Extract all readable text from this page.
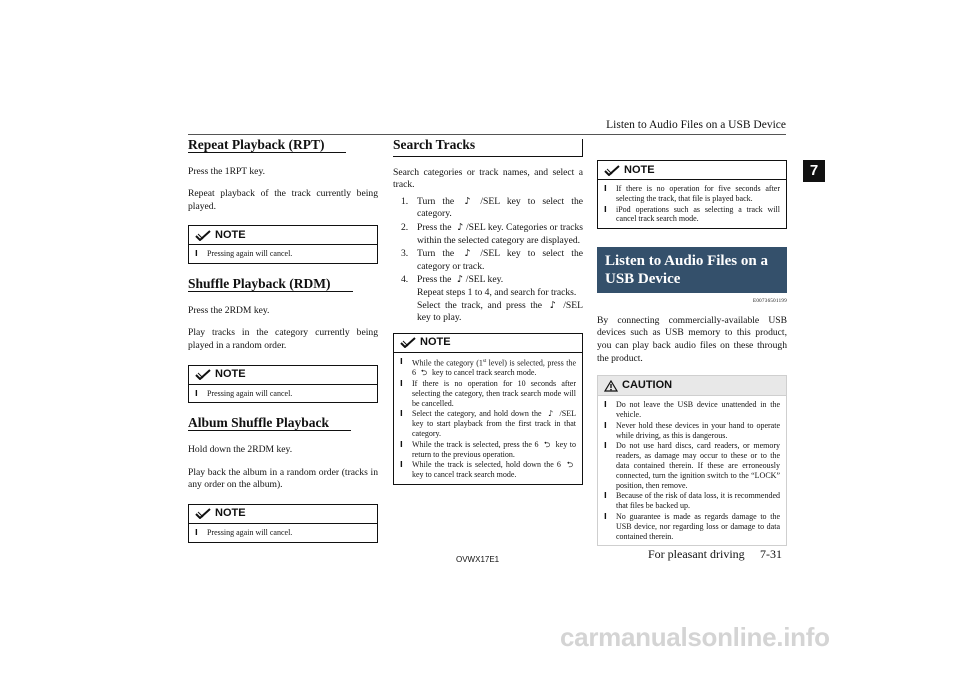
Listen to Audio Files on a USB Device
7
Repeat Playback (RPT)

Press the 1RPT key.

Repeat playback of the track currently being played.

NOTE
l Pressing again will cancel.
Shuffle Playback (RDM)

Press the 2RDM key.

Play tracks in the category currently being played in a random order.

NOTE
l Pressing again will cancel.
Album Shuffle Playback

Hold down the 2RDM key.

Play back the album in a random order (tracks in any order on the album).

NOTE
l Pressing again will cancel.
Search Tracks

Search categories or track names, and select a track.

1. Turn the ♪ /SEL key to select the category.
2. Press the ♪ /SEL key. Categories or tracks within the selected category are displayed.
3. Turn the ♪ /SEL key to select the category or track.
4. Press the ♪ /SEL key.
Repeat steps 1 to 4, and search for tracks.
Select the track, and press the ♪ /SEL key to play.
NOTE
l While the category (1st level) is selected, press the 6 ⮌ key to cancel track search mode.
l If there is no operation for 10 seconds after selecting the category, then track search mode will be cancelled.
l Select the category, and hold down the ♪ /SEL key to start playback from the first track in that category.
l While the track is selected, press the 6 ⮌ key to return to the previous operation.
l While the track is selected, hold down the 6 ⮌ key to cancel track search mode.
NOTE
l If there is no operation for five seconds after selecting the track, that file is played back.
l iPod operations such as selecting a track will cancel track search mode.
Listen to Audio Files on a USB Device
E00736501199

By connecting commercially-available USB devices such as USB memory to this product, you can play back audio files on these through the product.

CAUTION
l Do not leave the USB device unattended in the vehicle.
l Never hold these devices in your hand to operate while driving, as this is dangerous.
l Do not use hard discs, card readers, or memory readers, as damage may occur to these or to the data contained therein. If these are erroneously connected, turn the ignition switch to the “LOCK” position, then remove.
l Because of the risk of data loss, it is recommended that files be backed up.
l No guarantee is made as regards damage to the USB device, nor regarding loss or damage to data contained therein.
OVWX17E1	For pleasant driving 7-31
carmanualsonline.info
